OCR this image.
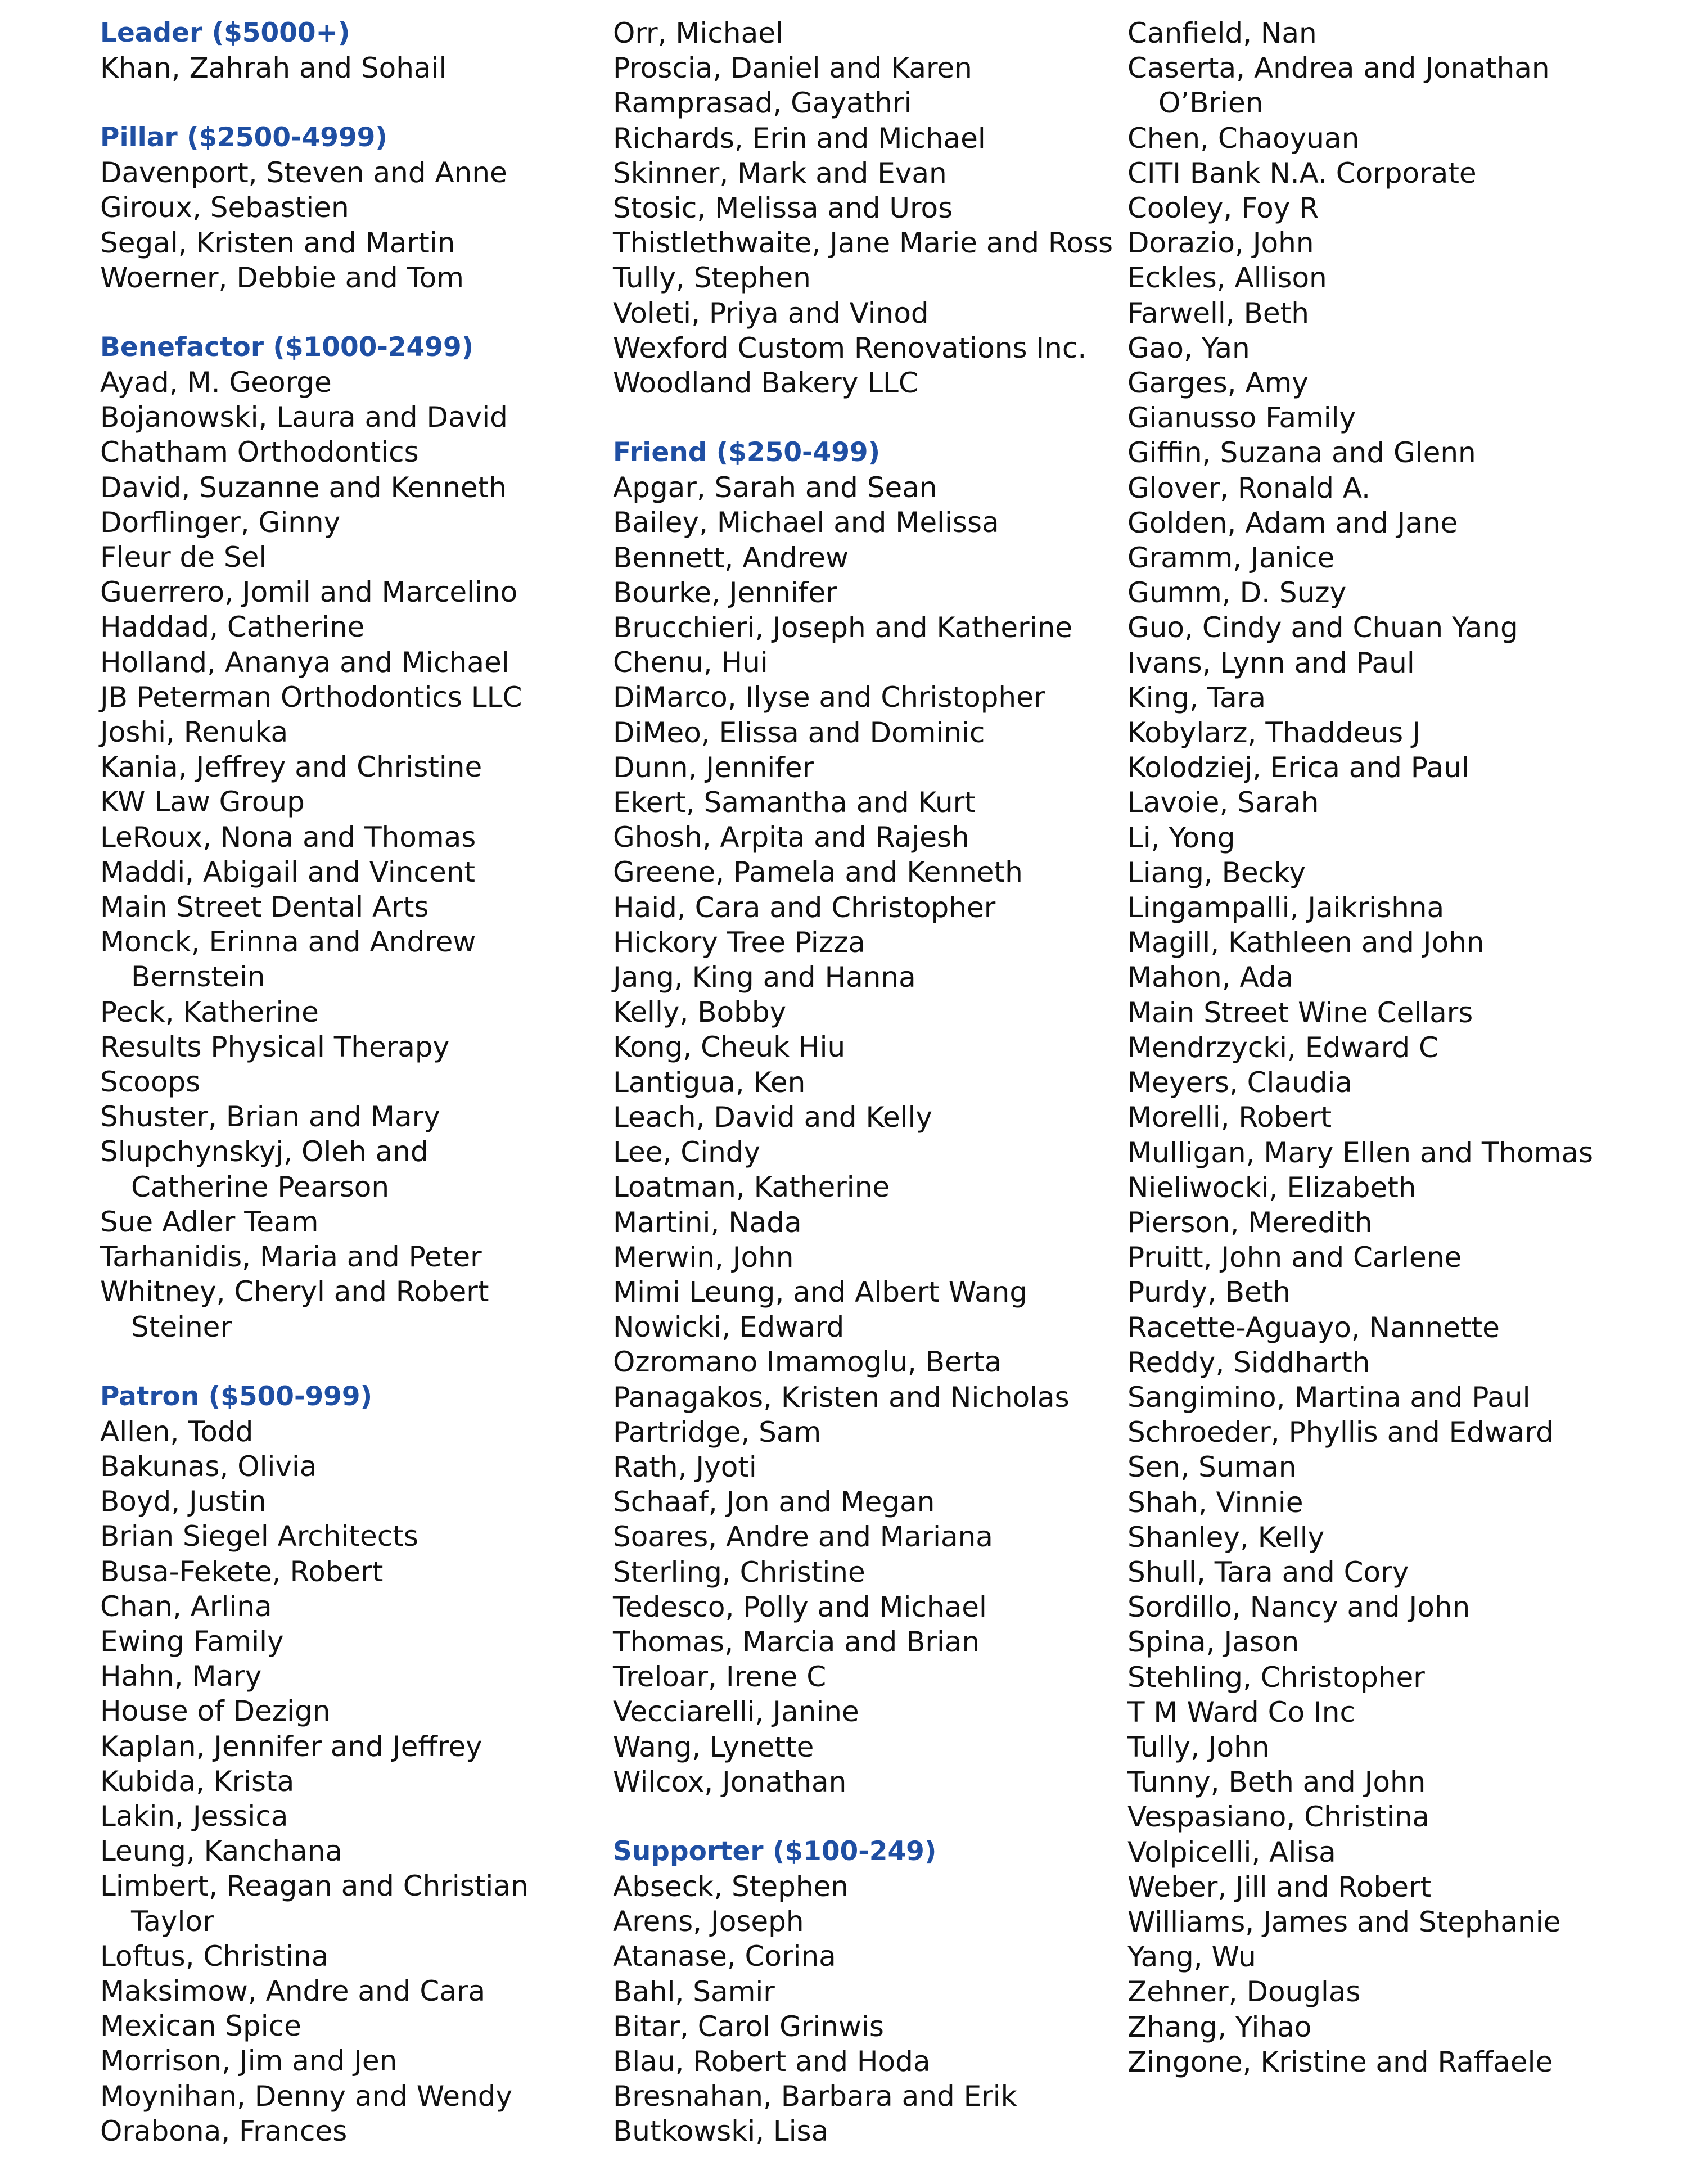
Leader ($5000+)
Khan, Zahrah and Sohail
Pillar ($2500-4999)
Davenport, Steven and Anne
Giroux, Sebastien
Segal, Kristen and Martin
Woerner, Debbie and Tom
Benefactor ($1000-2499)
Ayad, M. George
Bojanowski, Laura and David
Chatham Orthodontics
David, Suzanne and Kenneth
Dorflinger, Ginny
Fleur de Sel
Guerrero, Jomil and Marcelino
Haddad, Catherine
Holland, Ananya and Michael
JB Peterman Orthodontics LLC
Joshi, Renuka
Kania, Jeffrey and Christine
KW Law Group
LeRoux, Nona and Thomas
Maddi, Abigail and Vincent
Main Street Dental Arts
Monck, Erinna and Andrew
Bernstein
Peck, Katherine
Results Physical Therapy
Scoops
Shuster, Brian and Mary
Slupchynskyj, Oleh and
Catherine Pearson
Sue Adler Team
Tarhanidis, Maria and Peter
Whitney, Cheryl and Robert
Steiner
Patron ($500-999)
Allen, Todd
Bakunas, Olivia
Boyd, Justin
Brian Siegel Architects
Busa-Fekete, Robert
Chan, Arlina
Ewing Family
Hahn, Mary
House of Dezign
Kaplan, Jennifer and Jeffrey
Kubida, Krista
Lakin, Jessica
Leung, Kanchana
Limbert, Reagan and Christian
Taylor
Loftus, Christina
Maksimow, Andre and Cara
Mexican Spice
Morrison, Jim and Jen
Moynihan, Denny and Wendy
Orabona, Frances
Orr, Michael
Proscia, Daniel and Karen
Ramprasad, Gayathri
Richards, Erin and Michael
Skinner, Mark and Evan
Stosic, Melissa and Uros
Thistlethwaite, Jane Marie and Ross
Tully, Stephen
Voleti, Priya and Vinod
Wexford Custom Renovations Inc.
Woodland Bakery LLC
Friend ($250-499)
Apgar, Sarah and Sean
Bailey, Michael and Melissa
Bennett, Andrew
Bourke, Jennifer
Brucchieri, Joseph and Katherine
Chenu, Hui
DiMarco, Ilyse and Christopher
DiMeo, Elissa and Dominic
Dunn, Jennifer
Ekert, Samantha and Kurt
Ghosh, Arpita and Rajesh
Greene, Pamela and Kenneth
Haid, Cara and Christopher
Hickory Tree Pizza
Jang, King and Hanna
Kelly, Bobby
Kong, Cheuk Hiu
Lantigua, Ken
Leach, David and Kelly
Lee, Cindy
Loatman, Katherine
Martini, Nada
Merwin, John
Mimi Leung, and Albert Wang
Nowicki, Edward
Ozromano Imamoglu, Berta
Panagakos, Kristen and Nicholas
Partridge, Sam
Rath, Jyoti
Schaaf, Jon and Megan
Soares, Andre and Mariana
Sterling, Christine
Tedesco, Polly and Michael
Thomas, Marcia and Brian
Treloar, Irene C
Vecciarelli, Janine
Wang, Lynette
Wilcox, Jonathan
Supporter ($100-249)
Abseck, Stephen
Arens, Joseph
Atanase, Corina
Bahl, Samir
Bitar, Carol Grinwis
Blau, Robert and Hoda
Bresnahan, Barbara and Erik
Butkowski, Lisa
Canfield, Nan
Caserta, Andrea and Jonathan
O’Brien
Chen, Chaoyuan
CITI Bank N.A. Corporate
Cooley, Foy R
Dorazio, John
Eckles, Allison
Farwell, Beth
Gao, Yan
Garges, Amy
Gianusso Family
Giffin, Suzana and Glenn
Glover, Ronald A.
Golden, Adam and Jane
Gramm, Janice
Gumm, D. Suzy
Guo, Cindy and Chuan Yang
Ivans, Lynn and Paul
King, Tara
Kobylarz, Thaddeus J
Kolodziej, Erica and Paul
Lavoie, Sarah
Li, Yong
Liang, Becky
Lingampalli, Jaikrishna
Magill, Kathleen and John
Mahon, Ada
Main Street Wine Cellars
Mendrzycki, Edward C
Meyers, Claudia
Morelli, Robert
Mulligan, Mary Ellen and Thomas
Nieliwocki, Elizabeth
Pierson, Meredith
Pruitt, John and Carlene
Purdy, Beth
Racette-Aguayo, Nannette
Reddy, Siddharth
Sangimino, Martina and Paul
Schroeder, Phyllis and Edward
Sen, Suman
Shah, Vinnie
Shanley, Kelly
Shull, Tara and Cory
Sordillo, Nancy and John
Spina, Jason
Stehling, Christopher
T M Ward Co Inc
Tully, John
Tunny, Beth and John
Vespasiano, Christina
Volpicelli, Alisa
Weber, Jill and Robert
Williams, James and Stephanie
Yang, Wu
Zehner, Douglas
Zhang, Yihao
Zingone, Kristine and Raffaele
